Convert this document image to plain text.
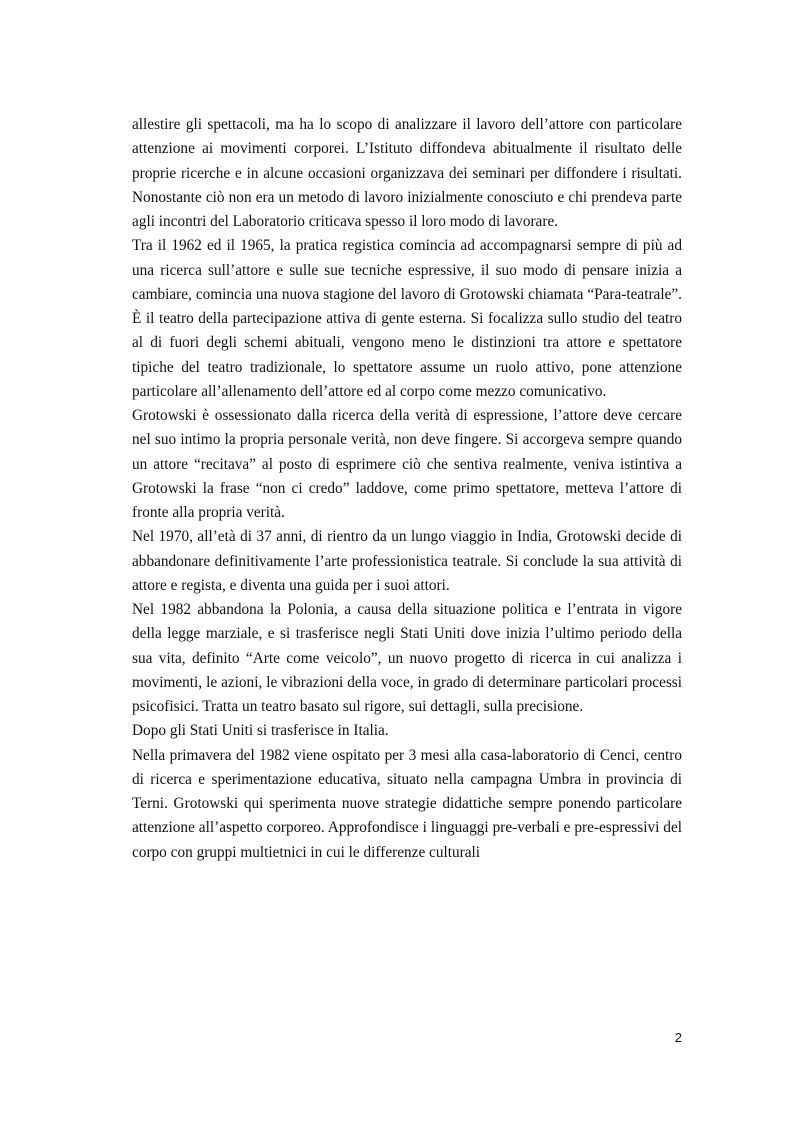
allestire gli spettacoli, ma ha lo scopo di analizzare il lavoro dell’attore con particolare attenzione ai movimenti corporei. L’Istituto diffondeva abitualmente il risultato delle proprie ricerche e in alcune occasioni organizzava dei seminari per diffondere i risultati. Nonostante ciò non era un metodo di lavoro inizialmente conosciuto e chi prendeva parte agli incontri del Laboratorio criticava spesso il loro modo di lavorare.

Tra il 1962 ed il 1965, la pratica registica comincia ad accompagnarsi sempre di più ad una ricerca sull’attore e sulle sue tecniche espressive, il suo modo di pensare inizia a cambiare, comincia una nuova stagione del lavoro di Grotowski chiamata “Para-teatrale”. È il teatro della partecipazione attiva di gente esterna. Si focalizza sullo studio del teatro al di fuori degli schemi abituali, vengono meno le distinzioni tra attore e spettatore tipiche del teatro tradizionale, lo spettatore assume un ruolo attivo, pone attenzione particolare all’allenamento dell’attore ed al corpo come mezzo comunicativo.

Grotowski è ossessionato dalla ricerca della verità di espressione, l’attore deve cercare nel suo intimo la propria personale verità, non deve fingere. Si accorgeva sempre quando un attore “recitava” al posto di esprimere ciò che sentiva realmente, veniva istintiva a Grotowski la frase “non ci credo” laddove, come primo spettatore, metteva l’attore di fronte alla propria verità.

Nel 1970, all’età di 37 anni, di rientro da un lungo viaggio in India, Grotowski decide di abbandonare definitivamente l’arte professionistica teatrale. Si conclude la sua attività di attore e regista, e diventa una guida per i suoi attori.

Nel 1982 abbandona la Polonia, a causa della situazione politica e l’entrata in vigore della legge marziale, e si trasferisce negli Stati Uniti dove inizia l’ultimo periodo della sua vita, definito “Arte come veicolo”, un nuovo progetto di ricerca in cui analizza i movimenti, le azioni, le vibrazioni della voce, in grado di determinare particolari processi psicofisici. Tratta un teatro basato sul rigore, sui dettagli, sulla precisione.

Dopo gli Stati Uniti si trasferisce in Italia.

Nella primavera del 1982 viene ospitato per 3 mesi alla casa-laboratorio di Cenci, centro di ricerca e sperimentazione educativa, situato nella campagna Umbra in provincia di Terni. Grotowski qui sperimenta nuove strategie didattiche sempre ponendo particolare attenzione all’aspetto corporeo. Approfondisce i linguaggi pre-verbali e pre-espressivi del corpo con gruppi multietnici in cui le differenze culturali

2
